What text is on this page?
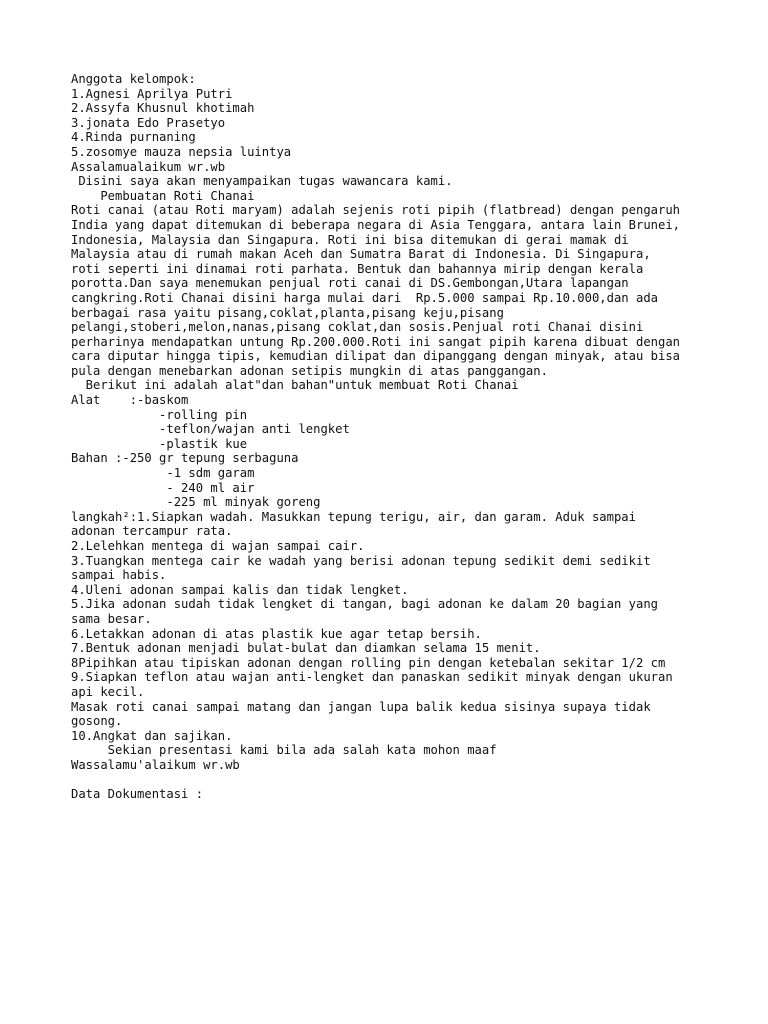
Anggota kelompok:
1.Agnesi Aprilya Putri
2.Assyfa Khusnul khotimah
3.jonata Edo Prasetyo
4.Rinda purnaning
5.zosomye mauza nepsia luintya
Assalamualaikum wr.wb
Disini saya akan menyampaikan tugas wawancara kami.
Pembuatan Roti Chanai
Roti canai (atau Roti maryam) adalah sejenis roti pipih (flatbread) dengan pengaruh
India yang dapat ditemukan di beberapa negara di Asia Tenggara, antara lain Brunei,
Indonesia, Malaysia dan Singapura. Roti ini bisa ditemukan di gerai mamak di
Malaysia atau di rumah makan Aceh dan Sumatra Barat di Indonesia. Di Singapura,
roti seperti ini dinamai roti parhata. Bentuk dan bahannya mirip dengan kerala
porotta.Dan saya menemukan penjual roti canai di DS.Gembongan,Utara lapangan
cangkring.Roti Chanai disini harga mulai dari  Rp.5.000 sampai Rp.10.000,dan ada
berbagai rasa yaitu pisang,coklat,planta,pisang keju,pisang
pelangi,stoberi,melon,nanas,pisang coklat,dan sosis.Penjual roti Chanai disini
perharinya mendapatkan untung Rp.200.000.Roti ini sangat pipih karena dibuat dengan
cara diputar hingga tipis, kemudian dilipat dan dipanggang dengan minyak, atau bisa
pula dengan menebarkan adonan setipis mungkin di atas panggangan.
Berikut ini adalah alat"dan bahan"untuk membuat Roti Chanai
Alat    :-baskom
-rolling pin
-teflon/wajan anti lengket
-plastik kue
Bahan :-250 gr tepung serbaguna
-1 sdm garam
- 240 ml air
-225 ml minyak goreng
langkah²:1.Siapkan wadah. Masukkan tepung terigu, air, dan garam. Aduk sampai
adonan tercampur rata.
2.Lelehkan mentega di wajan sampai cair.
3.Tuangkan mentega cair ke wadah yang berisi adonan tepung sedikit demi sedikit
sampai habis.
4.Uleni adonan sampai kalis dan tidak lengket.
5.Jika adonan sudah tidak lengket di tangan, bagi adonan ke dalam 20 bagian yang
sama besar.
6.Letakkan adonan di atas plastik kue agar tetap bersih.
7.Bentuk adonan menjadi bulat-bulat dan diamkan selama 15 menit.
8Pipihkan atau tipiskan adonan dengan rolling pin dengan ketebalan sekitar 1/2 cm
9.Siapkan teflon atau wajan anti-lengket dan panaskan sedikit minyak dengan ukuran
api kecil.
Masak roti canai sampai matang dan jangan lupa balik kedua sisinya supaya tidak
gosong.
10.Angkat dan sajikan.
Sekian presentasi kami bila ada salah kata mohon maaf
Wassalamu'alaikum wr.wb
Data Dokumentasi :
